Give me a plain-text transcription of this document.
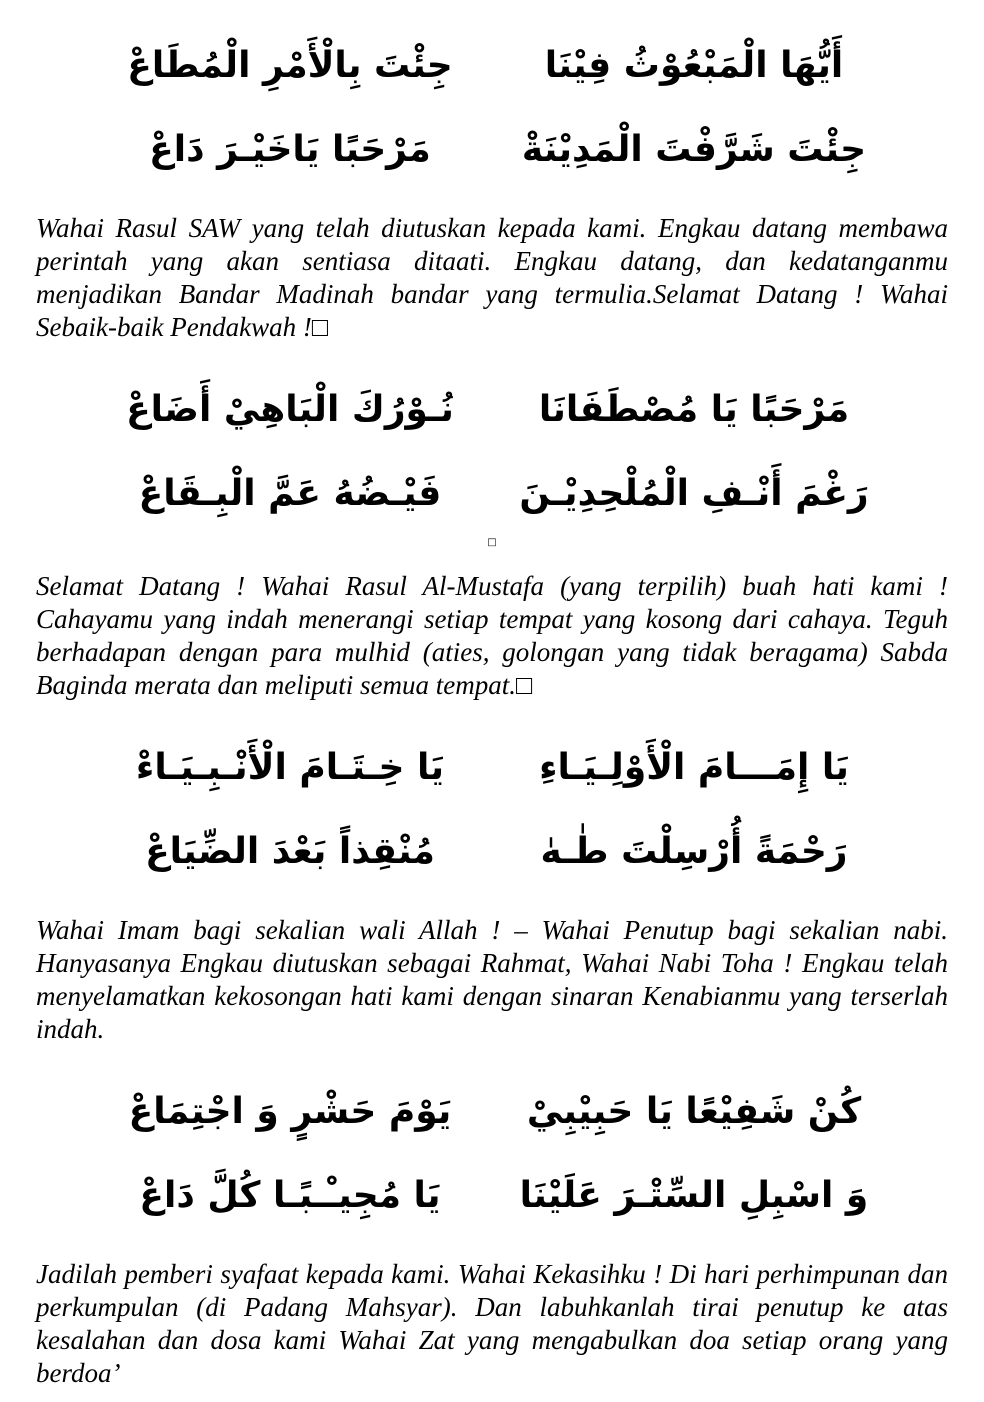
أَيُّهَا الْمَبْعُوْثُ فِيْنَا
جِئْتَ بِالْأَمْرِ الْمُطَاعْ
جِئْتَ شَرَّفْتَ الْمَدِيْنَةْ
مَرْحَبًا يَاخَيْـرَ دَاعْ

Wahai Rasul SAW yang telah diutuskan kepada kami. Engkau datang membawa perintah yang akan sentiasa ditaati. Engkau datang, dan kedatanganmu menjadikan Bandar Madinah bandar yang termulia.Selamat Datang ! Wahai Sebaik-baik Pendakwah !□

مَرْحَبًا يَا مُصْطَفَانَا
نُـوْرُكَ الْبَاهِيْ أَضَاعْ
رَغْمَ أَنْـفِ الْمُلْحِدِيْـنَ
فَيْـضُهُ عَمَّ الْبِـقَاعْ
□

Selamat Datang ! Wahai Rasul Al-Mustafa (yang terpilih) buah hati kami ! Cahayamu yang indah menerangi setiap tempat yang kosong dari cahaya. Teguh berhadapan dengan para mulhid (aties, golongan yang tidak beragama) Sabda Baginda merata dan meliputi semua tempat.□

يَا إِمَـــامَ الْأَوْلِـيَـاءِ
يَا خِـتَـامَ الْأَنْـبِـيَـاءْ
رَحْمَةً أُرْسِلْتَ طٰـهٰ
مُنْقِذاً بَعْدَ الضِّيَاعْ

Wahai Imam bagi sekalian wali Allah ! – Wahai Penutup bagi sekalian nabi. Hanyasanya Engkau diutuskan sebagai Rahmat, Wahai Nabi Toha ! Engkau telah menyelamatkan kekosongan hati kami dengan sinaran Kenabianmu yang terserlah indah.

كُنْ شَفِيْعًا يَا حَبِيْبِيْ
يَوْمَ حَشْرٍ وَ اجْتِمَاعْ
وَ اسْبِلِ السِّتْـرَ عَلَيْنَا
يَا مُجِيـْـبًـا كُلَّ دَاعْ

Jadilah pemberi syafaat kepada kami. Wahai Kekasihku ! Di hari perhimpunan dan perkumpulan (di Padang Mahsyar). Dan labuhkanlah tirai penutup ke atas kesalahan dan dosa kami Wahai Zat yang mengabulkan doa setiap orang yang berdoa’
